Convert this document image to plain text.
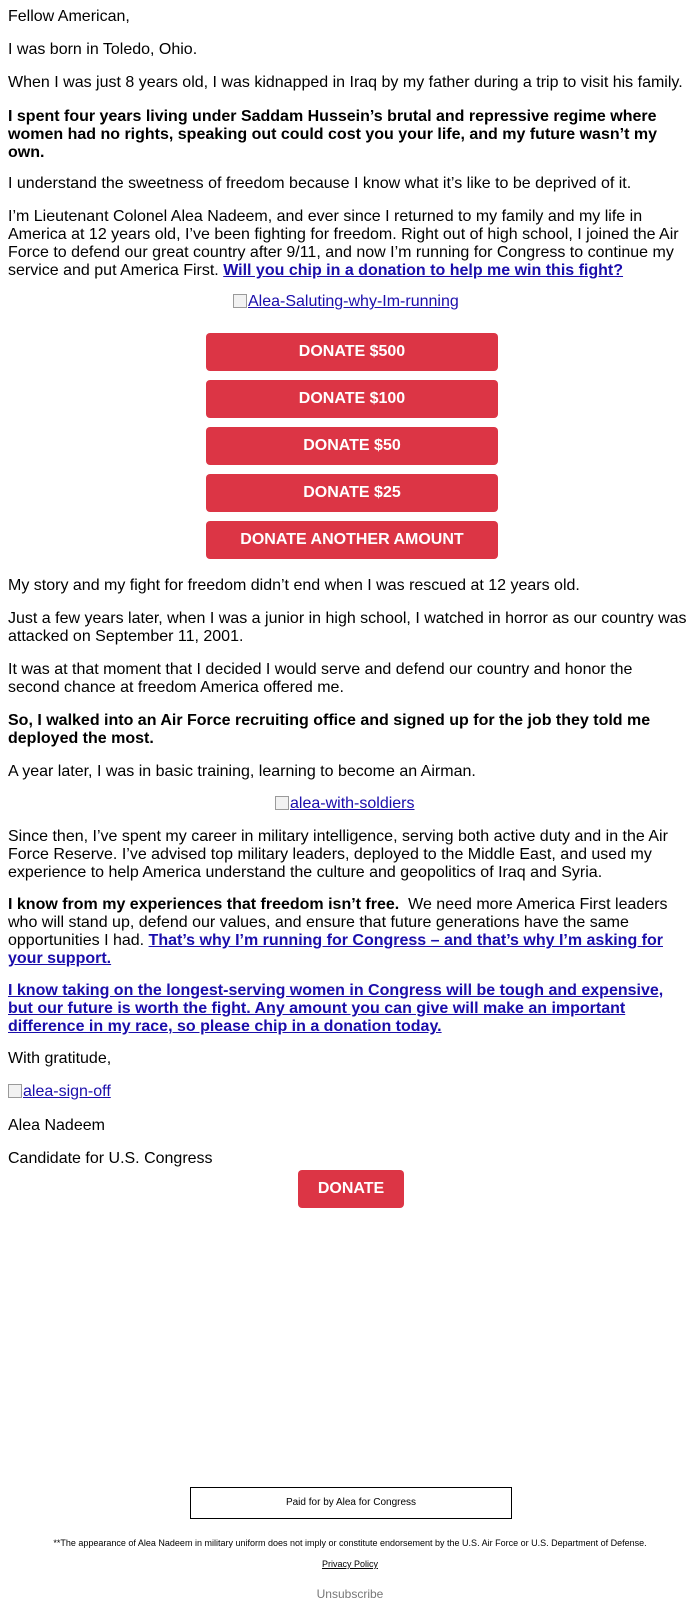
Fellow American,

I was born in Toledo, Ohio.

When I was just 8 years old, I was kidnapped in Iraq by my father during a trip to visit his family.

I spent four years living under Saddam Hussein’s brutal and repressive regime where women had no rights, speaking out could cost you your life, and my future wasn’t my own.

I understand the sweetness of freedom because I know what it’s like to be deprived of it.

I’m Lieutenant Colonel Alea Nadeem, and ever since I returned to my family and my life in America at 12 years old, I’ve been fighting for freedom. Right out of high school, I joined the Air Force to defend our great country after 9/11, and now I’m running for Congress to continue my service and put America First. Will you chip in a donation to help me win this fight?

Alea-Saluting-why-Im-running
DONATE $500
DONATE $100
DONATE $50
DONATE $25
DONATE ANOTHER AMOUNT

My story and my fight for freedom didn’t end when I was rescued at 12 years old.

Just a few years later, when I was a junior in high school, I watched in horror as our country was attacked on September 11, 2001.

It was at that moment that I decided I would serve and defend our country and honor the second chance at freedom America offered me.

So, I walked into an Air Force recruiting office and signed up for the job they told me deployed the most.

A year later, I was in basic training, learning to become an Airman.

alea-with-soldiers

Since then, I’ve spent my career in military intelligence, serving both active duty and in the Air Force Reserve. I’ve advised top military leaders, deployed to the Middle East, and used my experience to help America understand the culture and geopolitics of Iraq and Syria.

I know from my experiences that freedom isn’t free.  We need more America First leaders who will stand up, defend our values, and ensure that future generations have the same opportunities I had. That’s why I’m running for Congress – and that’s why I’m asking for your support.

I know taking on the longest-serving women in Congress will be tough and expensive, but our future is worth the fight. Any amount you can give will make an important difference in my race, so please chip in a donation today.

With gratitude,

alea-sign-off

Alea Nadeem

Candidate for U.S. Congress

DONATE
Paid for by Alea for Congress
**The appearance of Alea Nadeem in military uniform does not imply or constitute endorsement by the U.S. Air Force or U.S. Department of Defense.
Privacy Policy
Unsubscribe
